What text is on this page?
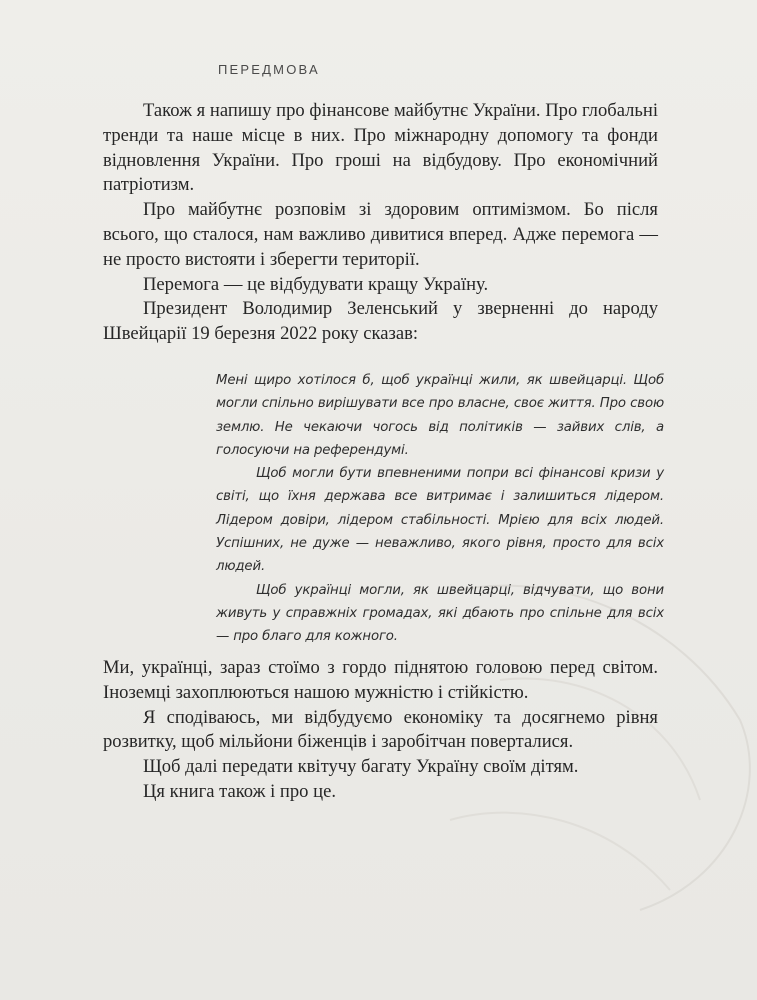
ПЕРЕДМОВА

Також я напишу про фінансове майбутнє України. Про глобальні тренди та наше місце в них. Про міжнародну допомогу та фонди відновлення України. Про гроші на відбудову. Про економічний патріотизм.

Про майбутнє розповім зі здоровим оптимізмом. Бо після всього, що сталося, нам важливо дивитися вперед. Адже перемога — не просто вистояти і зберегти території.

Перемога — це відбудувати кращу Україну.

Президент Володимир Зеленський у зверненні до народу Швейцарії 19 березня 2022 року сказав:

Мені щиро хотілося б, щоб українці жили, як швейцарці. Щоб могли спільно вирішувати все про власне, своє життя. Про свою землю. Не чекаючи чогось від політиків — зайвих слів, а голосуючи на референдумі.

Щоб могли бути впевненими попри всі фінансові кризи у світі, що їхня держава все витримає і залишиться лідером. Лідером довіри, лідером стабільності. Мрією для всіх людей. Успішних, не дуже — неважливо, якого рівня, просто для всіх людей.

Щоб українці могли, як швейцарці, відчувати, що вони живуть у справжніх громадах, які дбають про спільне для всіх — про благо для кожного.

Ми, українці, зараз стоїмо з гордо піднятою головою перед світом. Іноземці захоплюються нашою мужністю і стійкістю.

Я сподіваюсь, ми відбудуємо економіку та досягнемо рівня розвитку, щоб мільйони біженців і заробітчан поверталися.

Щоб далі передати квітучу багату Україну своїм дітям.

Ця книга також і про це.
